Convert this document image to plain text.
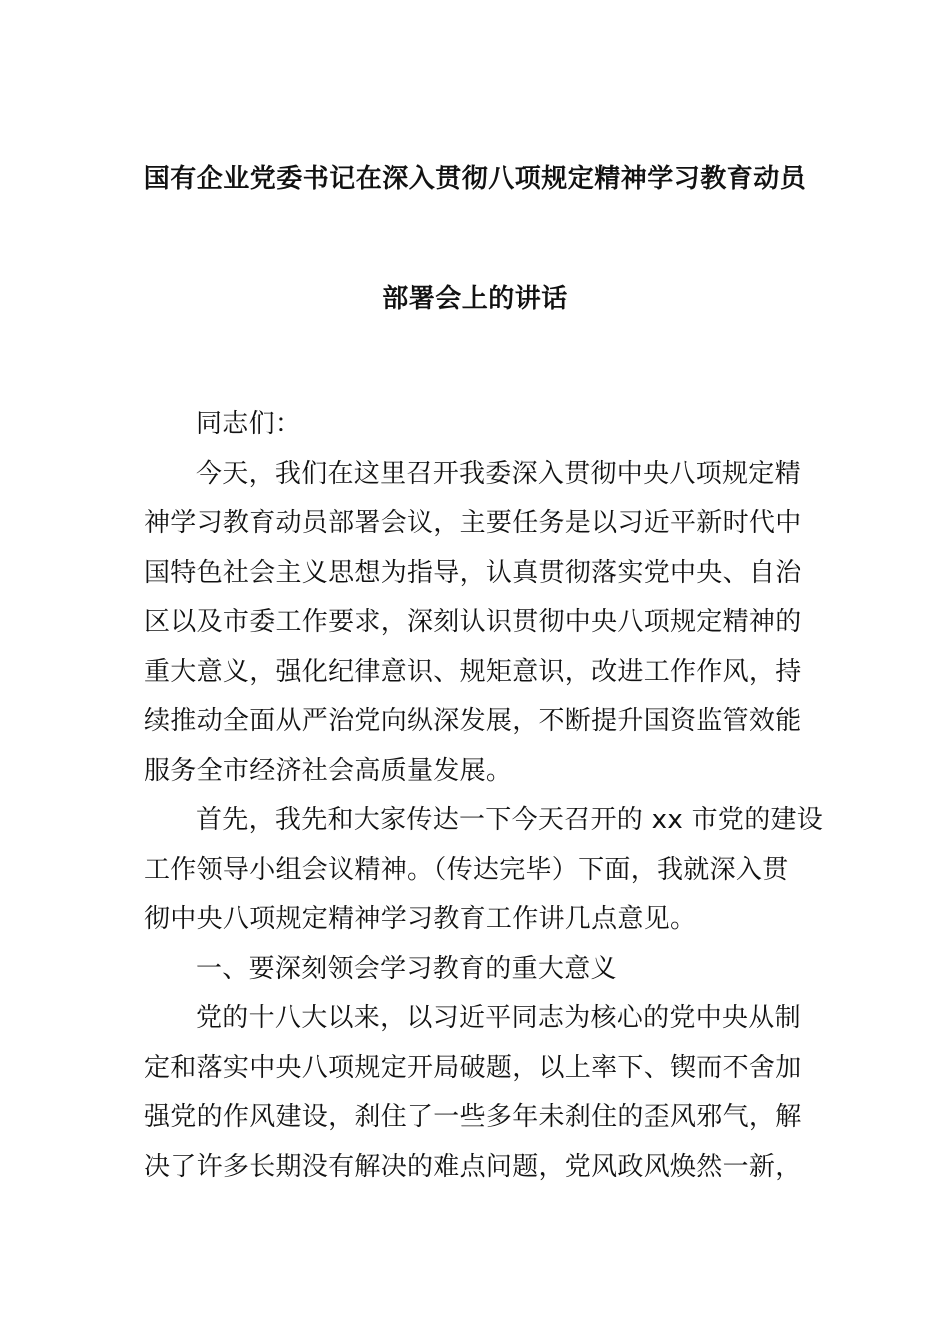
国有企业党委书记在深入贯彻八项规定精神学习教育动员
部署会上的讲话
同志们：
今天，我们在这里召开我委深入贯彻中央八项规定精
神学习教育动员部署会议，主要任务是以习近平新时代中
国特色社会主义思想为指导，认真贯彻落实党中央、自治
区以及市委工作要求，深刻认识贯彻中央八项规定精神的
重大意义，强化纪律意识、规矩意识，改进工作作风，持
续推动全面从严治党向纵深发展，不断提升国资监管效能
服务全市经济社会高质量发展。
首先，我先和大家传达一下今天召开的 xx 市党的建设
工作领导小组会议精神。（传达完毕）下面，我就深入贯
彻中央八项规定精神学习教育工作讲几点意见。
一、要深刻领会学习教育的重大意义
党的十八大以来，以习近平同志为核心的党中央从制
定和落实中央八项规定开局破题，以上率下、锲而不舍加
强党的作风建设，刹住了一些多年未刹住的歪风邪气，解
决了许多长期没有解决的难点问题，党风政风焕然一新，
